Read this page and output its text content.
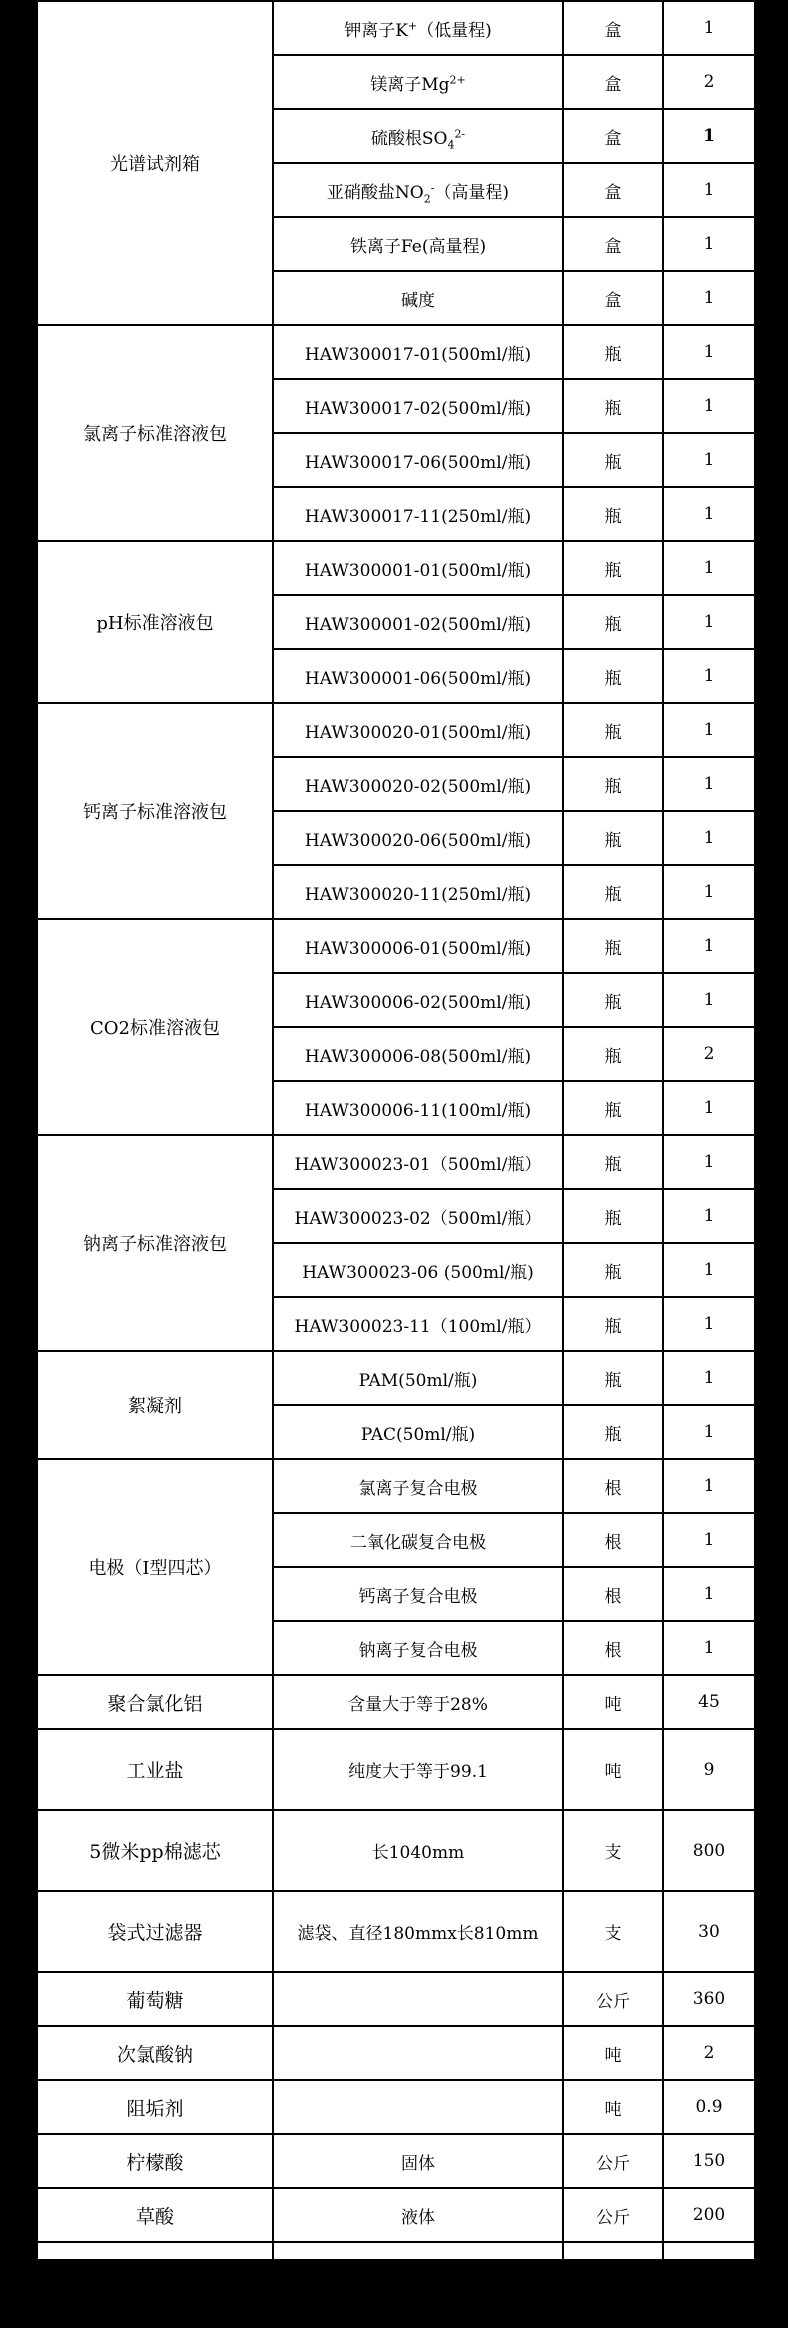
光谱试剂箱	钾离子K+（低量程)	盒	1
	镁离子$Mg^{2+}$	盒	2
	硫酸根$SO_4^{2-}$	盒	1
	亚硝酸盐$NO_2^-$（高量程)	盒	1
	铁离子Fe(高量程)	盒	1
	碱度	盒	1
氯离子标准溶液包	HAW300017-01(500ml/瓶)	瓶	1
	HAW300017-02(500ml/瓶)	瓶	1
	HAW300017-06(500ml/瓶)	瓶	1
	HAW300017-11(250ml/瓶)	瓶	1
pH标准溶液包	HAW300001-01(500ml/瓶)	瓶	1
	HAW300001-02(500ml/瓶)	瓶	1
	HAW300001-06(500ml/瓶)	瓶	1
钙离子标准溶液包	HAW300020-01(500ml/瓶)	瓶	1
	HAW300020-02(500ml/瓶)	瓶	1
	HAW300020-06(500ml/瓶)	瓶	1
	HAW300020-11(250ml/瓶)	瓶	1
CO2标准溶液包	HAW300006-01(500ml/瓶)	瓶	1
	HAW300006-02(500ml/瓶)	瓶	1
	HAW300006-08(500ml/瓶)	瓶	2
	HAW300006-11(100ml/瓶)	瓶	1
钠离子标准溶液包	HAW300023-01（500ml/瓶）	瓶	1
	HAW300023-02（500ml/瓶）	瓶	1
	HAW300023-06 (500ml/瓶)	瓶	1
	HAW300023-11（100ml/瓶）	瓶	1
絮凝剂	PAM(50ml/瓶)	瓶	1
	PAC(50ml/瓶)	瓶	1
电极（Ⅰ型四芯）	氯离子复合电极	根	1
	二氧化碳复合电极	根	1
	钙离子复合电极	根	1
	钠离子复合电极	根	1
聚合氯化铝	含量大于等于28%	吨	45
工业盐	纯度大于等于99.1	吨	9
5微米pp棉滤芯	长1040mm	支	800
袋式过滤器	滤袋、直径180mmx长810mm	支	30
葡萄糖		公斤	360
次氯酸钠		吨	2
阻垢剂		吨	0.9
柠檬酸	固体	公斤	150
草酸	液体	公斤	200
